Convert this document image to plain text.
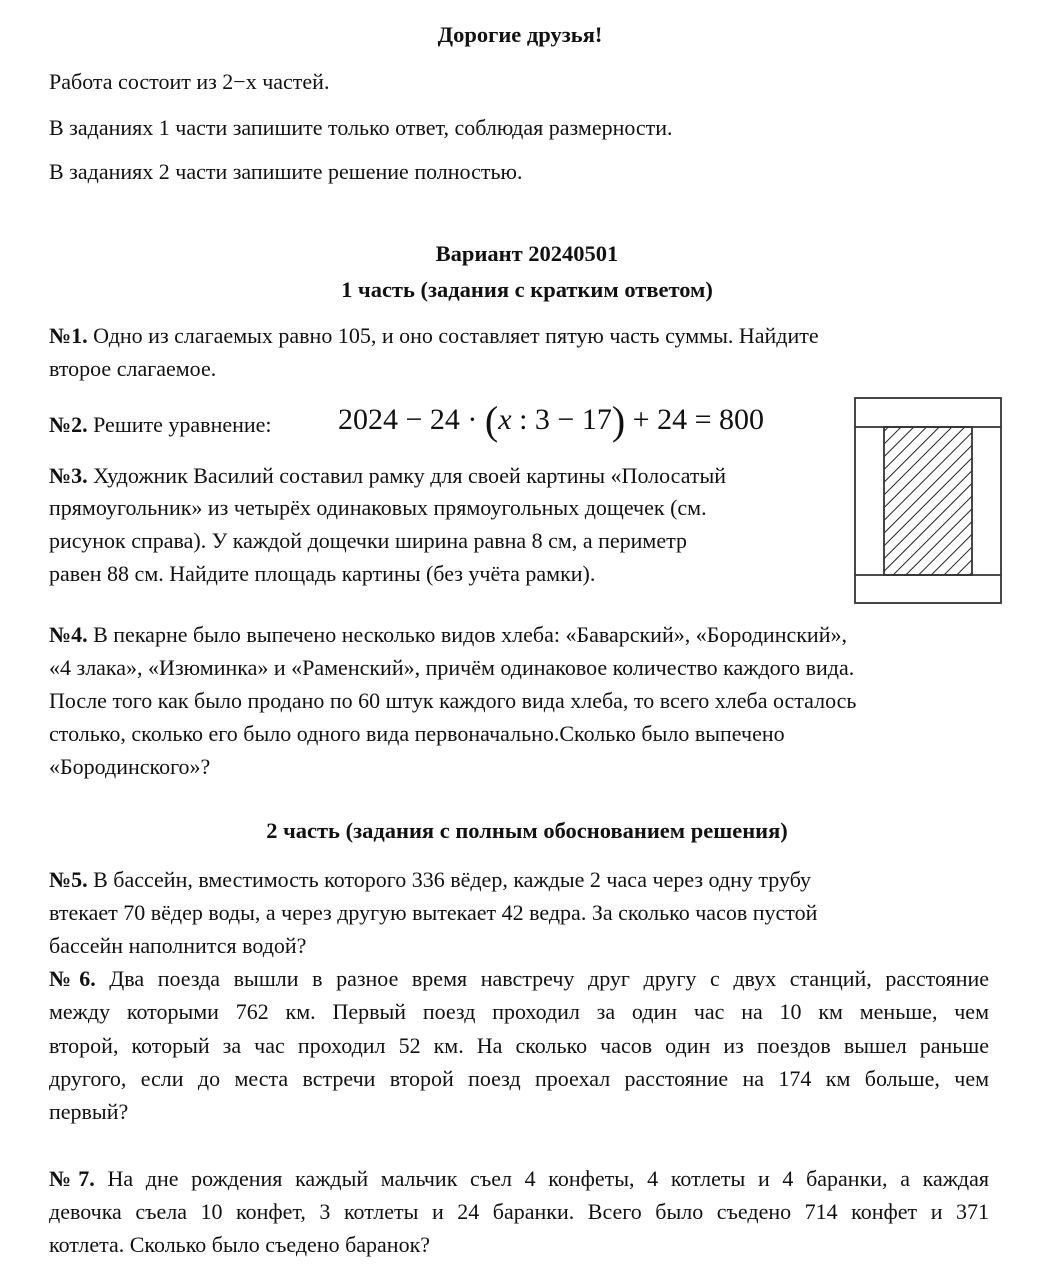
Дорогие друзья!
Работа состоит из 2−х частей.
В заданиях 1 части запишите только ответ, соблюдая размерности.
В заданиях 2 части запишите решение полностью.
Вариант 20240501
1 часть (задания с кратким ответом)
№1. Одно из слагаемых равно 105, и оно составляет пятую часть суммы. Найдите
второе слагаемое.
№2. Решите уравнение: 2024 − 24 · (x : 3 − 17) + 24 = 800
№3. Художник Василий составил рамку для своей картины «Полосатый
прямоугольник» из четырёх одинаковых прямоугольных дощечек (см.
рисунок справа). У каждой дощечки ширина равна 8 см, а периметр
равен 88 см. Найдите площадь картины (без учёта рамки).
№4. В пекарне было выпечено несколько видов хлеба: «Баварский», «Бородинский»,
«4 злака», «Изюминка» и «Раменский», причём одинаковое количество каждого вида.
После того как было продано по 60 штук каждого вида хлеба, то всего хлеба осталось
столько, сколько его было одного вида первоначально.Сколько было выпечено
«Бородинского»?
2 часть (задания с полным обоснованием решения)
№5. В бассейн, вместимость которого 336 вёдер, каждые 2 часа через одну трубу
втекает 70 вёдер воды, а через другую вытекает 42 ведра. За сколько часов пустой
бассейн наполнится водой?
№6. Два поезда вышли в разное время навстречу друг другу с двух станций, расстояние
между которыми 762 км. Первый поезд проходил за один час на 10 км меньше, чем
второй, который за час проходил 52 км. На сколько часов один из поездов вышел раньше
другого, если до места встречи второй поезд проехал расстояние на 174 км больше, чем
первый?
№7. На дне рождения каждый мальчик съел 4 конфеты, 4 котлеты и 4 баранки, а каждая
девочка съела 10 конфет, 3 котлеты и 24 баранки. Всего было съедено 714 конфет и 371
котлета. Сколько было съедено баранок?
